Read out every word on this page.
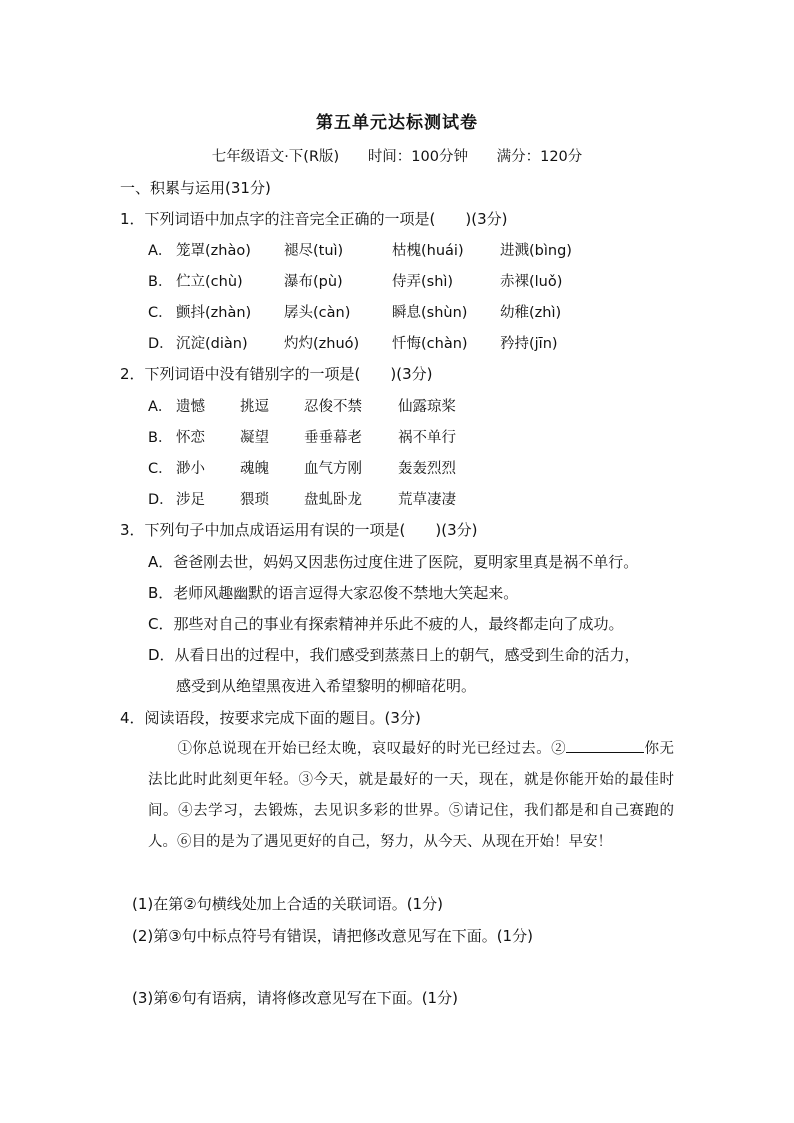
第五单元达标测试卷
七年级语文·下(R版) 时间：100分钟 满分：120分
一、积累与运用(31分)
1．下列词语中加点字的注音完全正确的一项是(　　)(3分)
A． 笼罩(zhào) 褪尽(tuì)	枯槐(huái)	进溅(bìng)
B． 伫立(chù)	瀑布(pù)	侍弄(shì)	赤裸(luǒ)
C． 颤抖(zhàn) 孱头(càn)	瞬息(shùn) 幼稚(zhì)
D． 沉淀(diàn)	灼灼(zhuó) 忏悔(chàn) 矜持(jīn)
2．下列词语中没有错别字的一项是(　　)(3分)
A． 遗憾 挑逗 忍俊不禁 仙露琼桨
B． 怀恋 凝望 垂垂幕老 祸不单行
C． 渺小 魂魄 血气方刚 轰轰烈烈
D． 涉足 猥琐 盘虬卧龙 荒草凄凄
3．下列句子中加点成语运用有误的一项是(　　)(3分)
A．爸爸刚去世，妈妈又因悲伤过度住进了医院，夏明家里真是祸不单行。
B．老师风趣幽默的语言逗得大家忍俊不禁地大笑起来。
C．那些对自己的事业有探索精神并乐此不疲的人，最终都走向了成功。
D．从看日出的过程中，我们感受到蒸蒸日上的朝气，感受到生命的活力，
感受到从绝望黑夜进入希望黎明的柳暗花明。
4．阅读语段，按要求完成下面的题目。(3分)

①你总说现在开始已经太晚，哀叹最好的时光已经过去。②	你无法比此时此刻更年轻。③今天，就是最好的一天，现在，就是你能开始的最佳时间。④去学习，去锻炼，去见识多彩的世界。⑤请记住，我们都是和自己赛跑的人。⑥目的是为了遇见更好的自己，努力，从今天、从现在开始！早安！

(1)在第②句横线处加上合适的关联词语。(1分)
(2)第③句中标点符号有错误，请把修改意见写在下面。(1分)
(3)第⑥句有语病，请将修改意见写在下面。(1分)
